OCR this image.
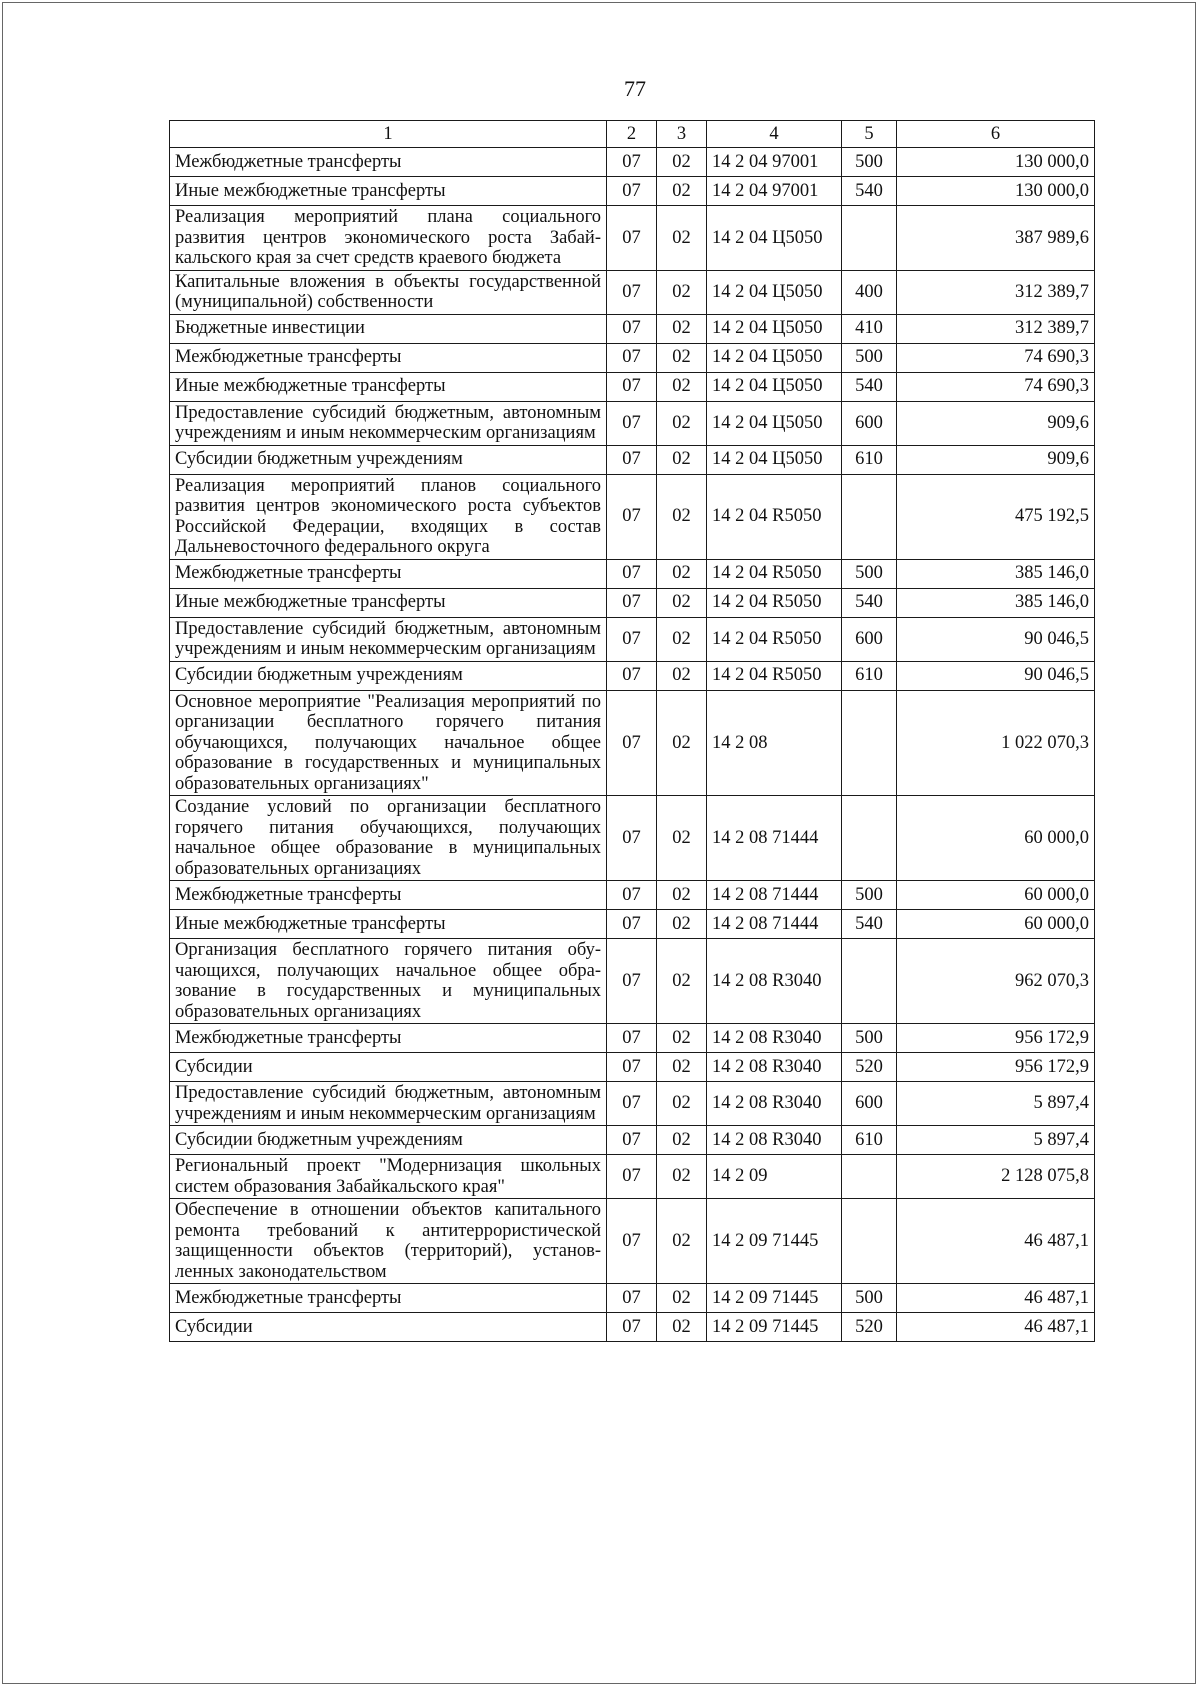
77
1	2	3	4	5	6
Межбюджетные трансферты	07	02	14 2 04 97001	500	130 000,0
Иные межбюджетные трансферты	07	02	14 2 04 97001	540	130 000,0
Реализация мероприятий плана социального развития центров экономического роста Забайкальского края за счет средств краевого бюджета	07	02	14 2 04 Ц5050		387 989,6
Капитальные вложения в объекты государственной (муниципальной) собственности	07	02	14 2 04 Ц5050	400	312 389,7
Бюджетные инвестиции	07	02	14 2 04 Ц5050	410	312 389,7
Межбюджетные трансферты	07	02	14 2 04 Ц5050	500	74 690,3
Иные межбюджетные трансферты	07	02	14 2 04 Ц5050	540	74 690,3
Предоставление субсидий бюджетным, автономным учреждениям и иным некоммерческим организациям	07	02	14 2 04 Ц5050	600	909,6
Субсидии бюджетным учреждениям	07	02	14 2 04 Ц5050	610	909,6
Реализация мероприятий планов социального развития центров экономического роста субъектов Российской Федерации, входящих в состав Дальневосточного федерального округа	07	02	14 2 04 R5050		475 192,5
Межбюджетные трансферты	07	02	14 2 04 R5050	500	385 146,0
Иные межбюджетные трансферты	07	02	14 2 04 R5050	540	385 146,0
Предоставление субсидий бюджетным, автономным учреждениям и иным некоммерческим организациям	07	02	14 2 04 R5050	600	90 046,5
Субсидии бюджетным учреждениям	07	02	14 2 04 R5050	610	90 046,5
Основное мероприятие "Реализация мероприятий по организации бесплатного горячего питания обучающихся, получающих начальное общее образование в государственных и муниципальных образовательных организациях"	07	02	14 2 08		1 022 070,3
Создание условий по организации бесплатного горячего питания обучающихся, получающих начальное общее образование в муниципальных образовательных организациях	07	02	14 2 08 71444		60 000,0
Межбюджетные трансферты	07	02	14 2 08 71444	500	60 000,0
Иные межбюджетные трансферты	07	02	14 2 08 71444	540	60 000,0
Организация бесплатного горячего питания обучающихся, получающих начальное общее образование в государственных и муниципальных образовательных организациях	07	02	14 2 08 R3040		962 070,3
Межбюджетные трансферты	07	02	14 2 08 R3040	500	956 172,9
Субсидии	07	02	14 2 08 R3040	520	956 172,9
Предоставление субсидий бюджетным, автономным учреждениям и иным некоммерческим организациям	07	02	14 2 08 R3040	600	5 897,4
Субсидии бюджетным учреждениям	07	02	14 2 08 R3040	610	5 897,4
Региональный проект "Модернизация школьных систем образования Забайкальского края"	07	02	14 2 09		2 128 075,8
Обеспечение в отношении объектов капитального ремонта требований к антитеррористической защищенности объектов (территорий), установленных законодательством	07	02	14 2 09 71445		46 487,1
Межбюджетные трансферты	07	02	14 2 09 71445	500	46 487,1
Субсидии	07	02	14 2 09 71445	520	46 487,1
